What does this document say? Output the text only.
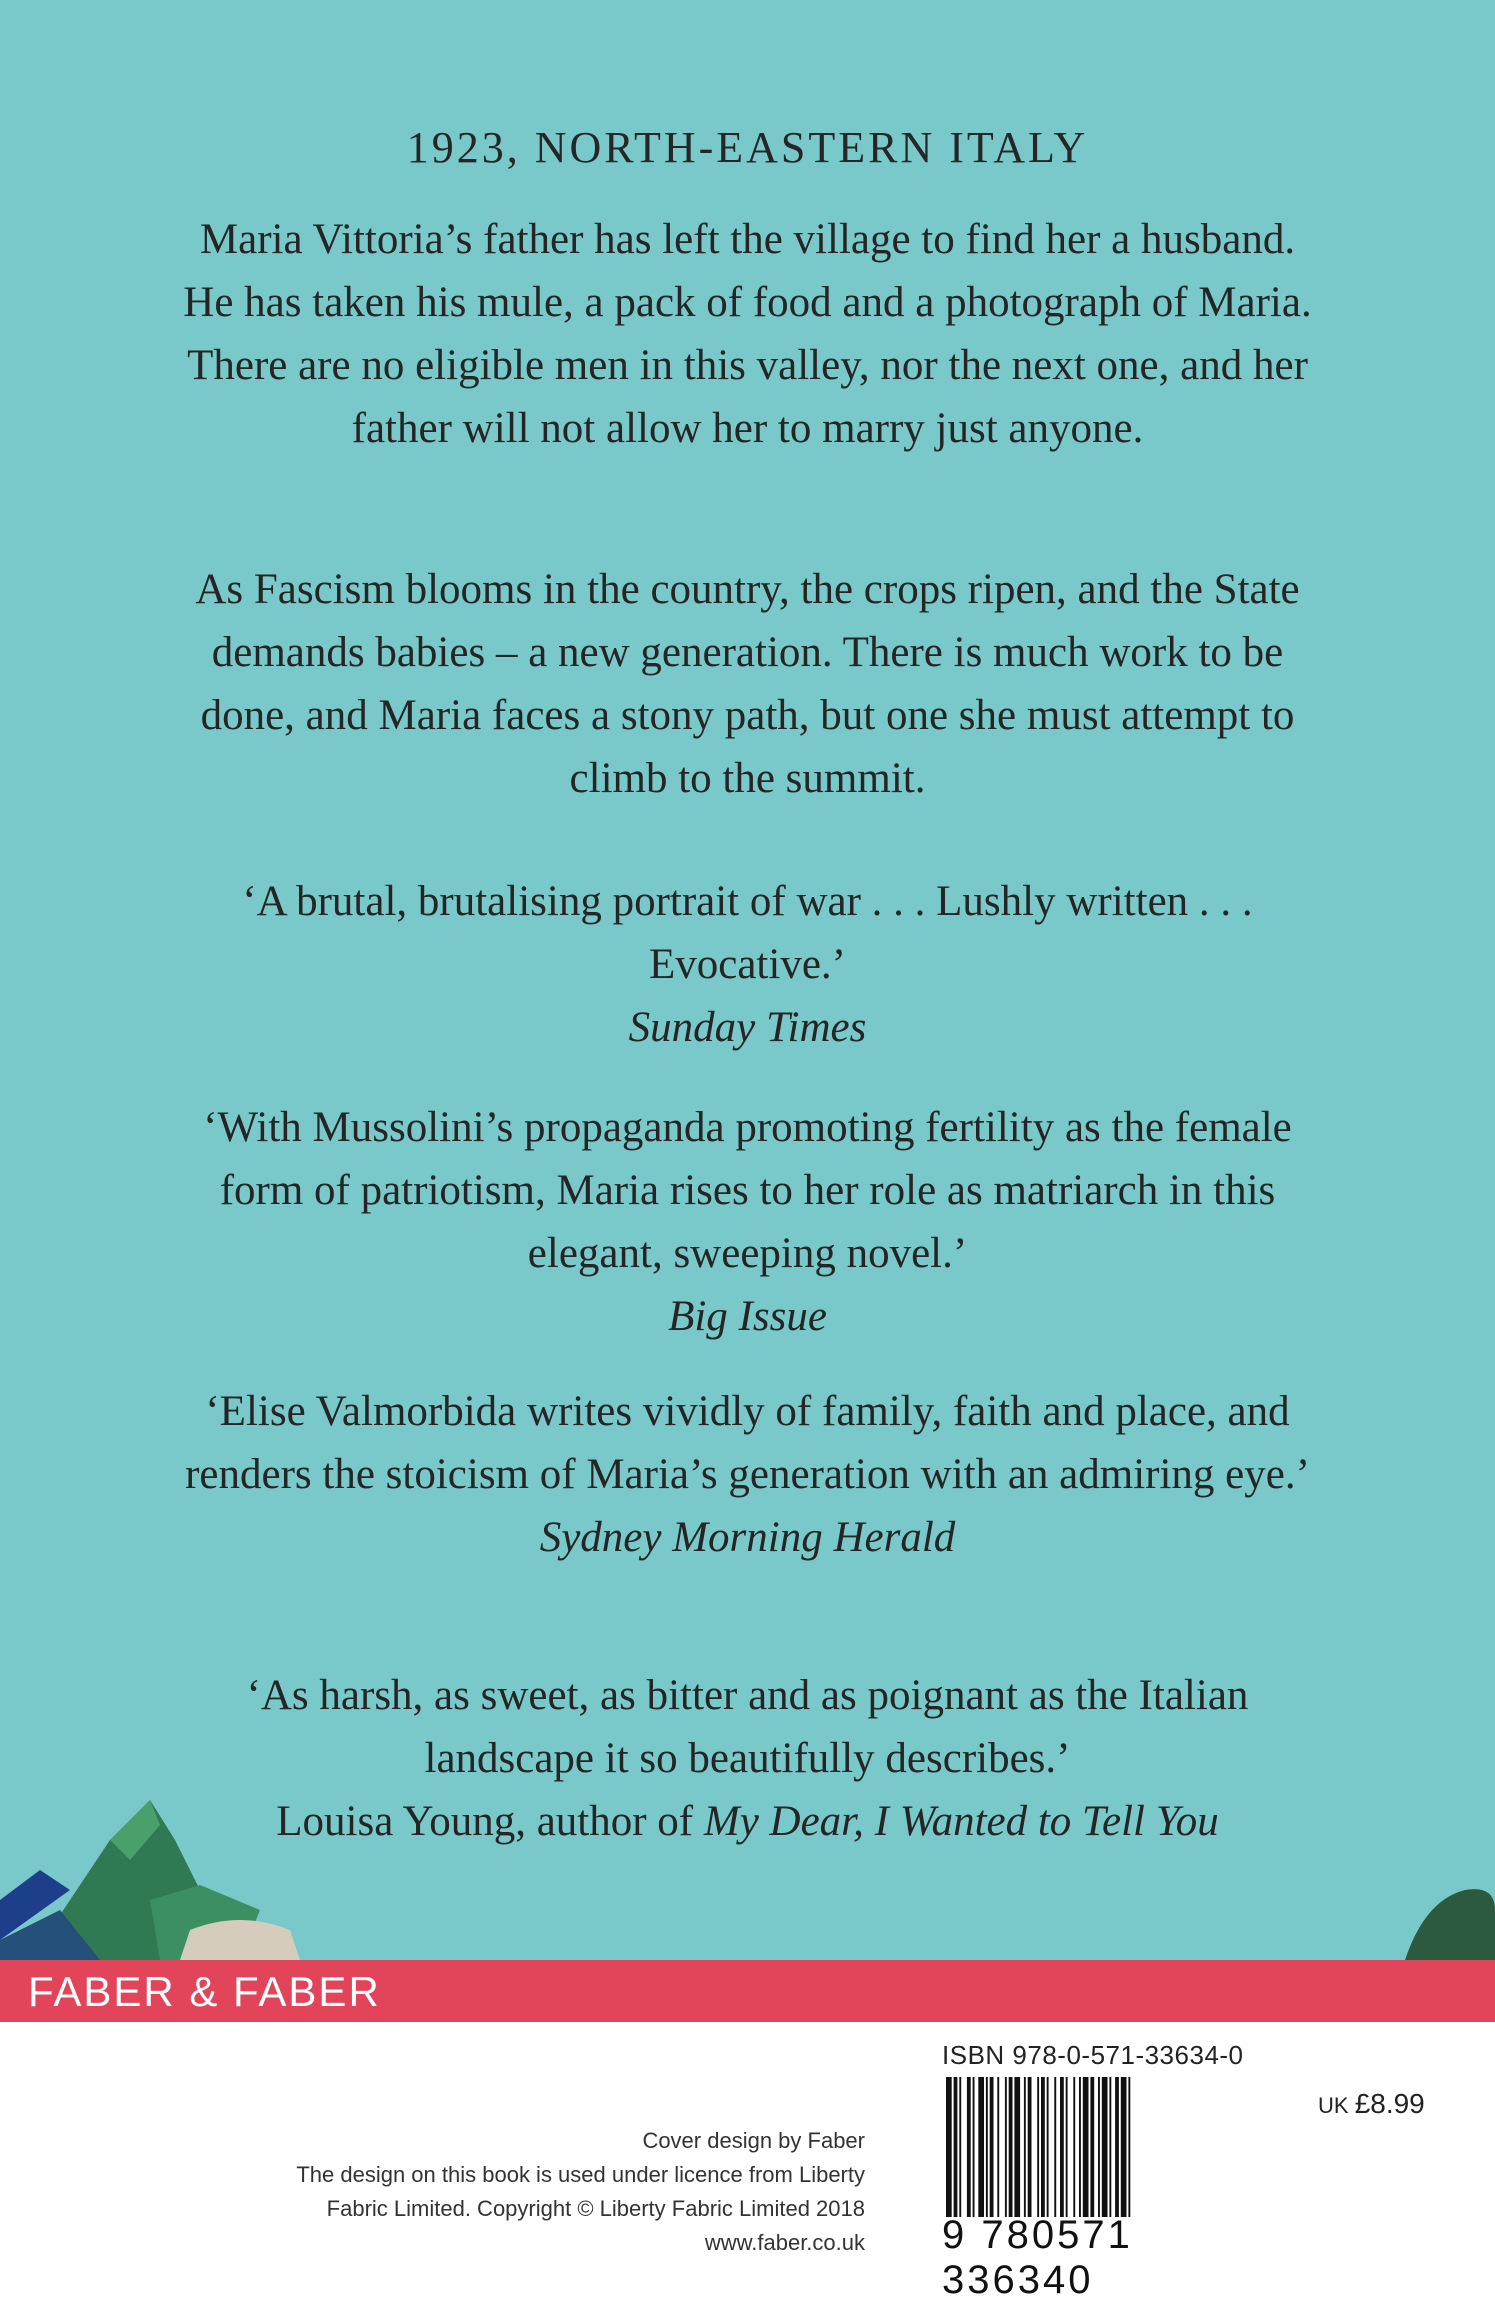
1923, NORTH-EASTERN ITALY

Maria Vittoria’s father has left the village to find her a husband. He has taken his mule, a pack of food and a photograph of Maria. There are no eligible men in this valley, nor the next one, and her father will not allow her to marry just anyone.

As Fascism blooms in the country, the crops ripen, and the State demands babies – a new generation. There is much work to be done, and Maria faces a stony path, but one she must attempt to climb to the summit.

‘A brutal, brutalising portrait of war . . . Lushly written . . . Evocative.’
Sunday Times
‘With Mussolini’s propaganda promoting fertility as the female form of patriotism, Maria rises to her role as matriarch in this elegant, sweeping novel.’
Big Issue
‘Elise Valmorbida writes vividly of family, faith and place, and renders the stoicism of Maria’s generation with an admiring eye.’
Sydney Morning Herald
‘As harsh, as sweet, as bitter and as poignant as the Italian landscape it so beautifully describes.’
Louisa Young, author of My Dear, I Wanted to Tell You
FABER & FABER
Cover design by Faber
The design on this book is used under licence from Liberty
Fabric Limited. Copyright © Liberty Fabric Limited 2018
www.faber.co.uk
ISBN 978-0-571-33634-0
9 780571 336340
UK £8.99
